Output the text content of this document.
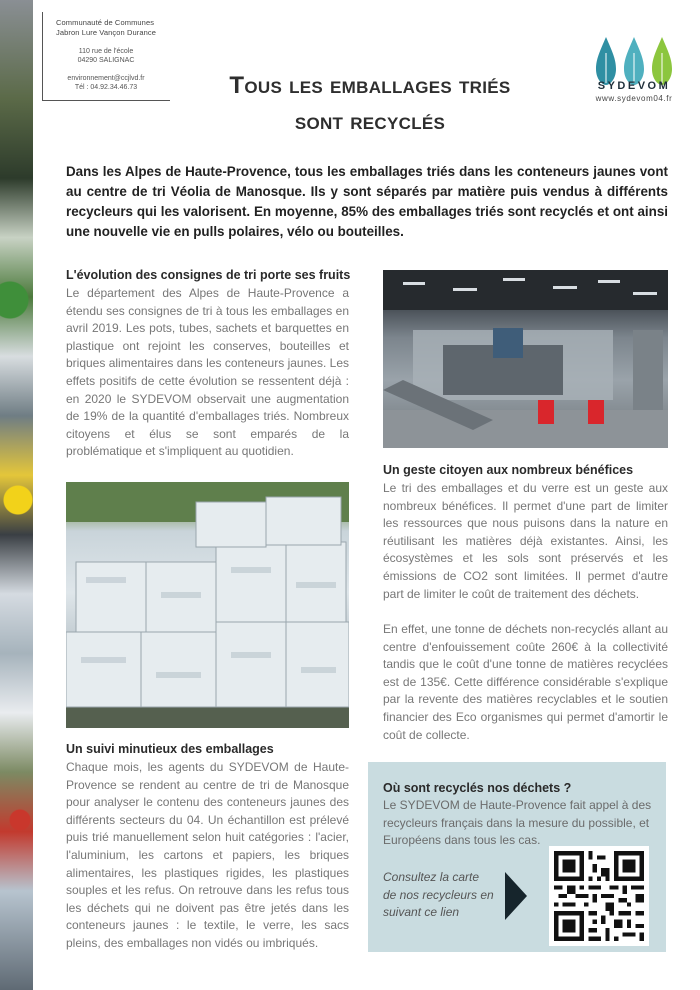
Communauté de Communes
Jabron Lure Vançon Durance
110 rue de l'école
04290 SALIGNAC
environnement@ccjlvd.fr
Tél : 04.92.34.46.73	Tous les emballages triés
sont recyclés
SYDEVOM
www.sydevom04.fr
Dans les Alpes de Haute-Provence, tous les emballages triés dans les conteneurs jaunes vont au centre de tri Véolia de Manosque. Ils y sont séparés par matière puis vendus à différents recycleurs qui les valorisent. En moyenne, 85% des emballages triés sont recyclés et ont ainsi une nouvelle vie en pulls polaires, vélo ou bouteilles.
L'évolution des consignes de tri porte ses fruits
Le département des Alpes de Haute-Provence a étendu ses consignes de tri à tous les emballages en avril 2019. Les pots, tubes, sachets et barquettes en plastique ont rejoint les conserves, bouteilles et briques alimentaires dans les conteneurs jaunes. Les effets positifs de cette évolution se ressentent déjà : en 2020 le SYDEVOM observait une augmentation de 19% de la quantité d'emballages triés. Nombreux citoyens et élus se sont emparés de la problématique et s'impliquent au quotidien.
Un geste citoyen aux nombreux bénéfices
Le tri des emballages et du verre est un geste aux nombreux bénéfices. Il permet d'une part de limiter les ressources que nous puisons dans la nature en réutilisant les matières déjà existantes. Ainsi, les écosystèmes et les sols sont préservés et les émissions de CO2 sont limitées. Il permet d'autre part de limiter le coût de traitement des déchets.
En effet, une tonne de déchets non-recyclés allant au centre d'enfouissement coûte 260€ à la collectivité tandis que le coût d'une tonne de matières recyclées est de 135€. Cette différence considérable s'explique par la revente des matières recyclables et le soutien financier des Eco organismes qui permet d'amortir le coût de collecte.
Un suivi minutieux des emballages
Chaque mois, les agents du SYDEVOM de Haute-Provence se rendent au centre de tri de Manosque pour analyser le contenu des conteneurs jaunes des différents secteurs du 04. Un échantillon est prélevé puis trié manuellement selon huit catégories : l'acier, l'aluminium, les cartons et papiers, les briques alimentaires, les plastiques rigides, les plastiques souples et les refus. On retrouve dans les refus tous les déchets qui ne doivent pas être jetés dans les conteneurs jaunes : le textile, le verre, les sacs pleins, des emballages non vidés ou imbriqués.
Où sont recyclés nos déchets ?
Le SYDEVOM de Haute-Provence fait appel à des recycleurs français dans la mesure du possible, et Européens dans tous les cas.
Consultez la carte de nos recycleurs en suivant ce lien
